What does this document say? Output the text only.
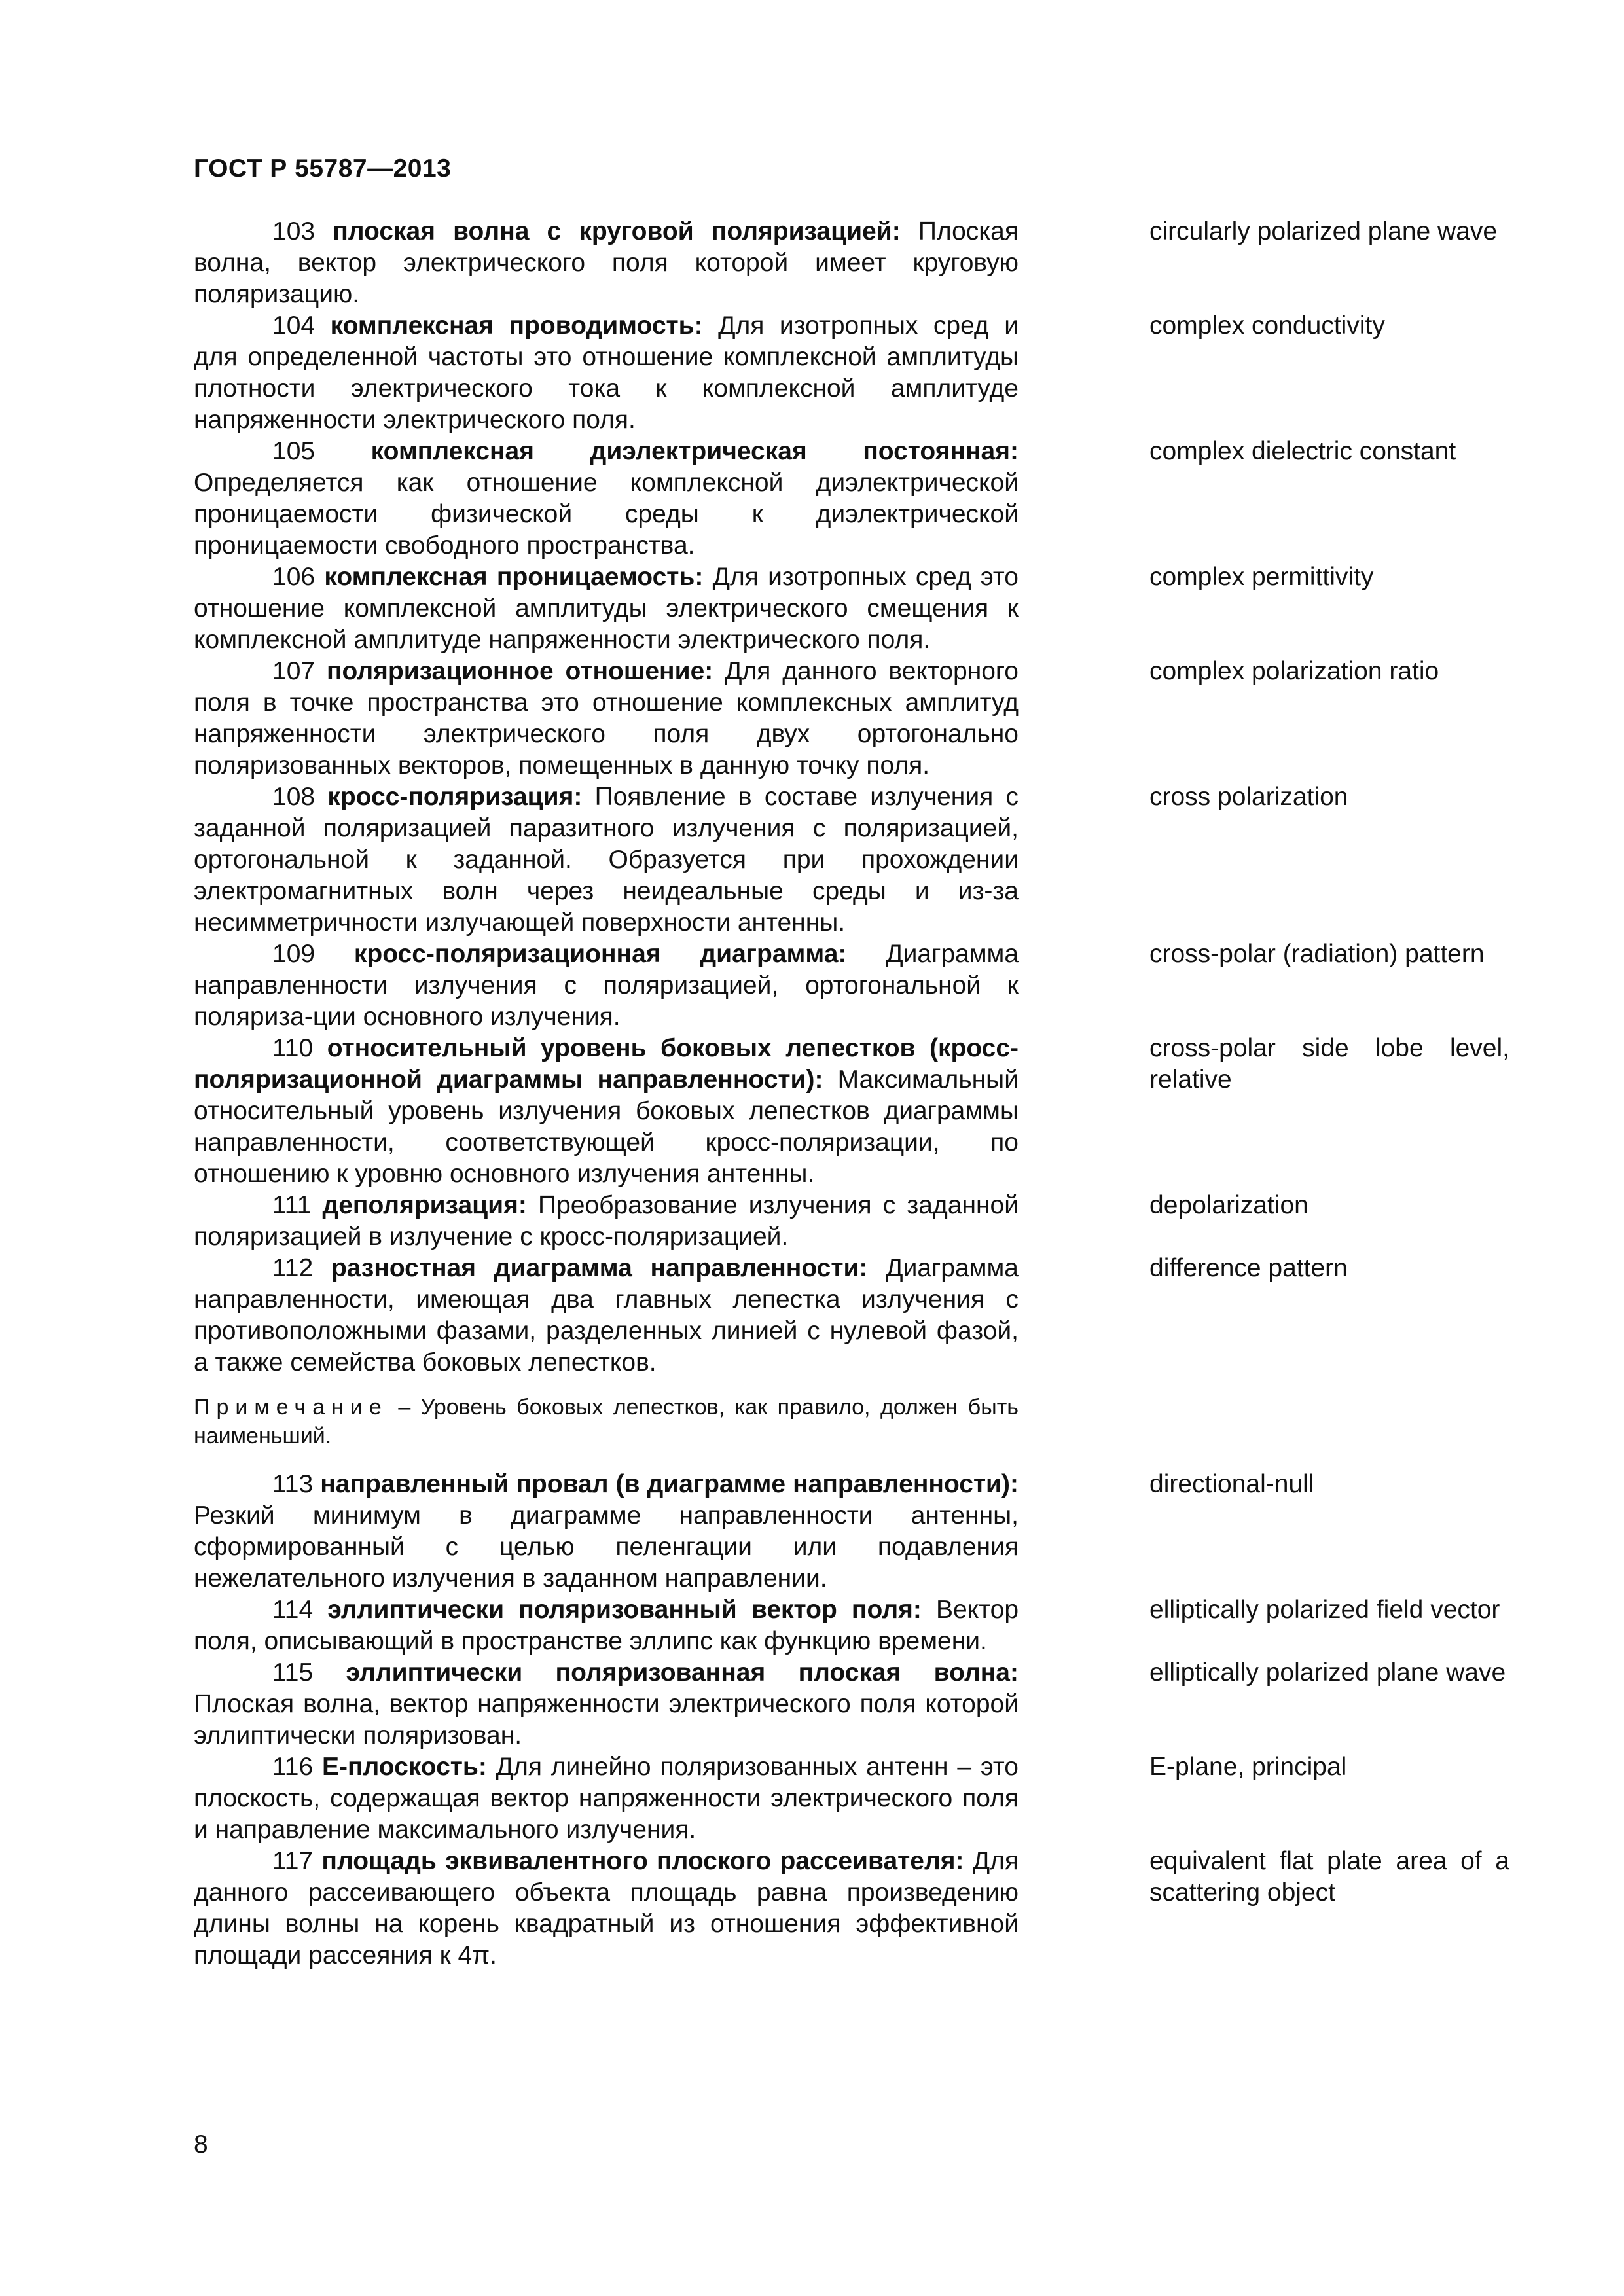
ГОСТ Р 55787—2013
103 плоская волна с круговой поляризацией: Плоская волна, вектор электрического поля которой имеет круговую поляризацию.
circularly polarized plane wave
104 комплексная проводимость: Для изотропных сред и для определенной частоты это отношение комплексной амплитуды плотности электрического тока к комплексной амплитуде напряженности электрического поля.
complex conductivity
105 комплексная диэлектрическая постоянная: Определяется как отношение комплексной диэлектрической проницаемости физической среды к диэлектрической проницаемости свободного пространства.
complex dielectric constant
106 комплексная проницаемость: Для изотропных сред это отношение комплексной амплитуды электрического смещения к комплексной амплитуде напряженности электрического поля.
complex permittivity
107 поляризационное отношение: Для данного векторного поля в точке пространства это отношение комплексных амплитуд напряженности электрического поля двух ортогонально поляризованных векторов, помещенных в данную точку поля.
complex polarization ratio
108 кросс-поляризация: Появление в составе излучения с заданной поляризацией паразитного излучения с поляризацией, ортогональной к заданной. Образуется при прохождении электромагнитных волн через неидеальные среды и из-за несимметричности излучающей поверхности антенны.
cross polarization
109 кросс-поляризационная диаграмма: Диаграмма направленности излучения с поляризацией, ортогональной к поляриза-ции основного излучения.
cross-polar (radiation) pattern
110 относительный уровень боковых лепестков (кросс-поляризационной диаграммы направленности): Максимальный относительный уровень излучения боковых лепестков диаграммы направленности, соответствующей кросс-поляризации, по отношению к уровню основного излучения антенны.
cross-polar side lobe level, relative
111 деполяризация: Преобразование излучения с заданной поляризацией в излучение с кросс-поляризацией.
depolarization
112 разностная диаграмма направленности: Диаграмма направленности, имеющая два главных лепестка излучения с противоположными фазами, разделенных линией с нулевой фазой, а также семейства боковых лепестков.
difference pattern
Примечание – Уровень боковых лепестков, как правило, должен быть наименьший.
113 направленный провал (в диаграмме направленности): Резкий минимум в диаграмме направленности антенны, сформированный с целью пеленгации или подавления нежелательного излучения в заданном направлении.
directional-null
114 эллиптически поляризованный вектор поля: Вектор поля, описывающий в пространстве эллипс как функцию времени.
elliptically polarized field vector
115 эллиптически поляризованная плоская волна: Плоская волна, вектор напряженности электрического поля которой эллиптически поляризован.
elliptically polarized plane wave
116 Е-плоскость: Для линейно поляризованных антенн – это плоскость, содержащая вектор напряженности электрического поля и направление максимального излучения.
E-plane, principal
117 площадь эквивалентного плоского рассеивателя: Для данного рассеивающего объекта площадь равна произведению длины волны на корень квадратный из отношения эффективной площади рассеяния к 4π.
equivalent flat plate area of a scattering object
8
